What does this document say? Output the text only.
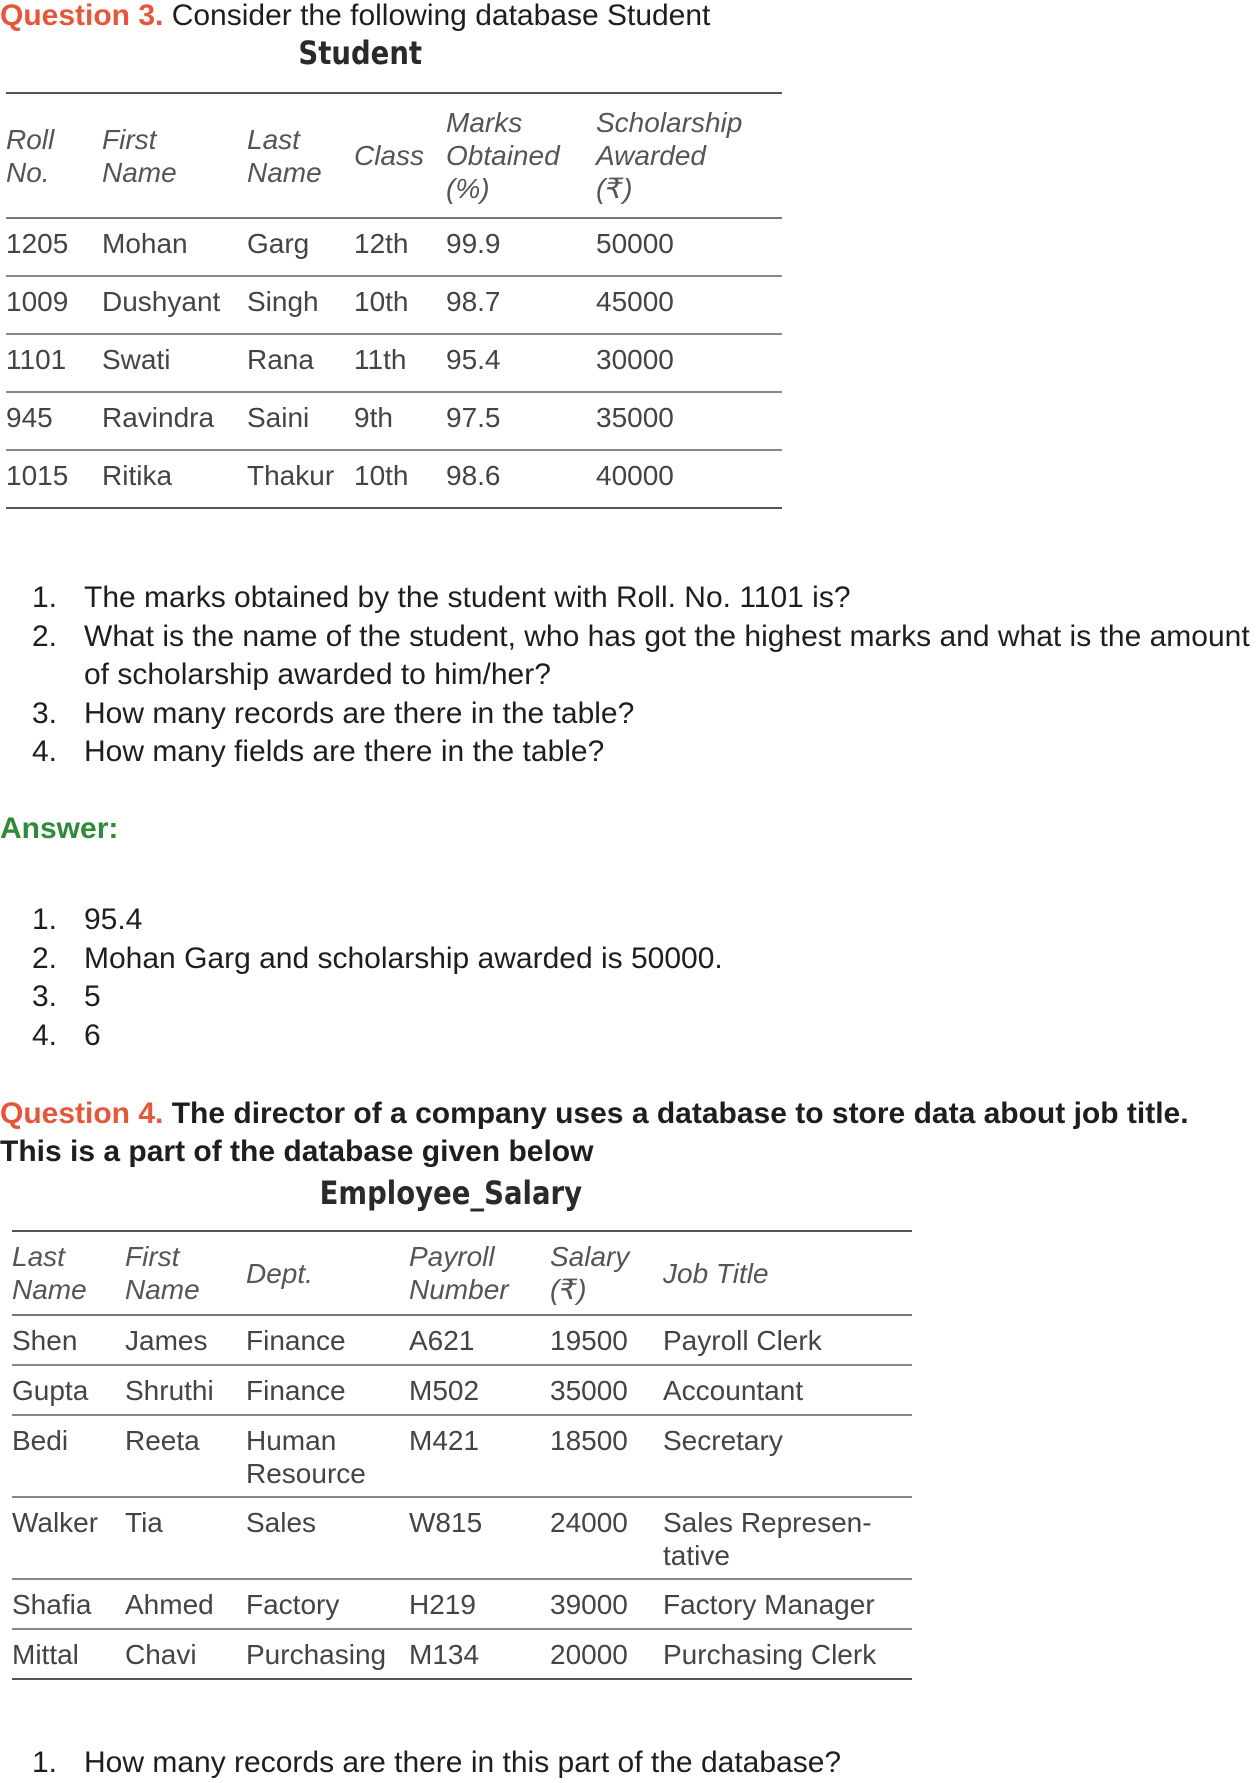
Question 3. Consider the following database Student
Student
Roll
No.	First
Name	Last
Name	Class	Marks
Obtained
(%)	Scholarship
Awarded
(₹)
1205	Mohan	Garg	12th	99.9	50000
1009	Dushyant	Singh	10th	98.7	45000
1101	Swati	Rana	11th	95.4	30000
945	Ravindra	Saini	9th	97.5	35000
1015	Ritika	Thakur	10th	98.6	40000
1. The marks obtained by the student with Roll. No. 1101 is?
2. What is the name of the student, who has got the highest marks and what is the amount of scholarship awarded to him/her?
3. How many records are there in the table?
4. How many fields are there in the table?
Answer:
1. 95.4
2. Mohan Garg and scholarship awarded is 50000.
3. 5
4. 6
Question 4. The director of a company uses a database to store data about job title. This is a part of the database given below
Employee_Salary
Last
Name	First
Name	Dept.	Payroll
Number	Salary
(₹)	Job Title
Shen	James	Finance	A621	19500	Payroll Clerk
Gupta	Shruthi	Finance	M502	35000	Accountant
Bedi	Reeta	Human
Resource	M421	18500	Secretary
Walker	Tia	Sales	W815	24000	Sales Represen-
tative
Shafia	Ahmed	Factory	H219	39000	Factory Manager
Mittal	Chavi	Purchasing	M134	20000	Purchasing Clerk
1. How many records are there in this part of the database?
